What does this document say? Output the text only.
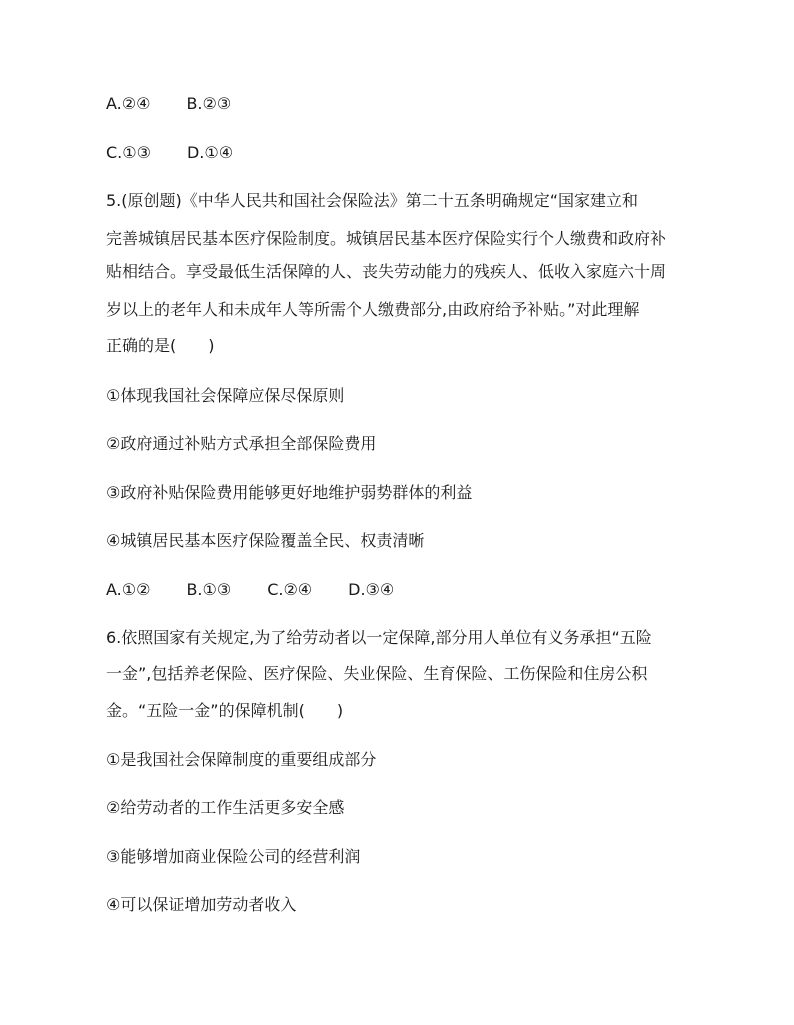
A.②④ B.②③
C.①③ D.①④
5.(原创题)《中华人民共和国社会保险法》第二十五条明确规定“国家建立和
完善城镇居民基本医疗保险制度。城镇居民基本医疗保险实行个人缴费和政府补
贴相结合。享受最低生活保障的人、丧失劳动能力的残疾人、低收入家庭六十周
岁以上的老年人和未成年人等所需个人缴费部分,由政府给予补贴。”对此理解
正确的是(　　)
①体现我国社会保障应保尽保原则
②政府通过补贴方式承担全部保险费用
③政府补贴保险费用能够更好地维护弱势群体的利益
④城镇居民基本医疗保险覆盖全民、权责清晰
A.①② B.①③ C.②④ D.③④
6.依照国家有关规定,为了给劳动者以一定保障,部分用人单位有义务承担“五险
一金”,包括养老保险、医疗保险、失业保险、生育保险、工伤保险和住房公积
金。“五险一金”的保障机制(　　)
①是我国社会保障制度的重要组成部分
②给劳动者的工作生活更多安全感
③能够增加商业保险公司的经营利润
④可以保证增加劳动者收入
